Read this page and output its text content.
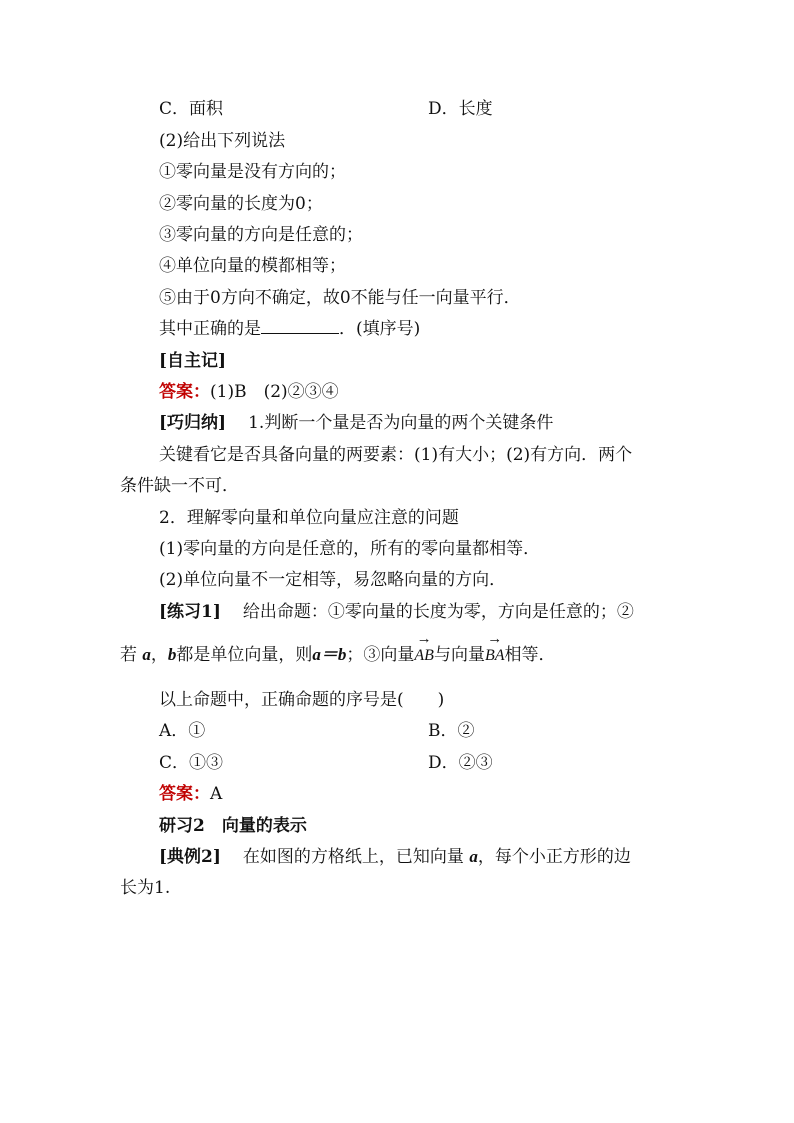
C．面积	D．长度
(2)给出下列说法
①零向量是没有方向的；
②零向量的长度为0；
③零向量的方向是任意的；
④单位向量的模都相等；
⑤由于0方向不确定，故0不能与任一向量平行．
其中正确的是	．(填序号)
[自主记]
答案：(1)B　(2)②③④
[巧归纳] 1.判断一个量是否为向量的两个关键条件
关键看它是否具备向量的两要素：(1)有大小；(2)有方向．两个
条件缺一不可．
2．理解零向量和单位向量应注意的问题
(1)零向量的方向是任意的，所有的零向量都相等．
(2)单位向量不一定相等，易忽略向量的方向．
[练习1] 给出命题：①零向量的长度为零，方向是任意的；②
若 a，b都是单位向量，则a＝b；③向量
→
AB与向量
→
BA相等．
以上命题中，正确命题的序号是(　　)
A．①	B．②
C．①③	D．②③
答案：A
研习2　向量的表示
[典例2] 在如图的方格纸上，已知向量 a，每个小正方形的边
长为1.
